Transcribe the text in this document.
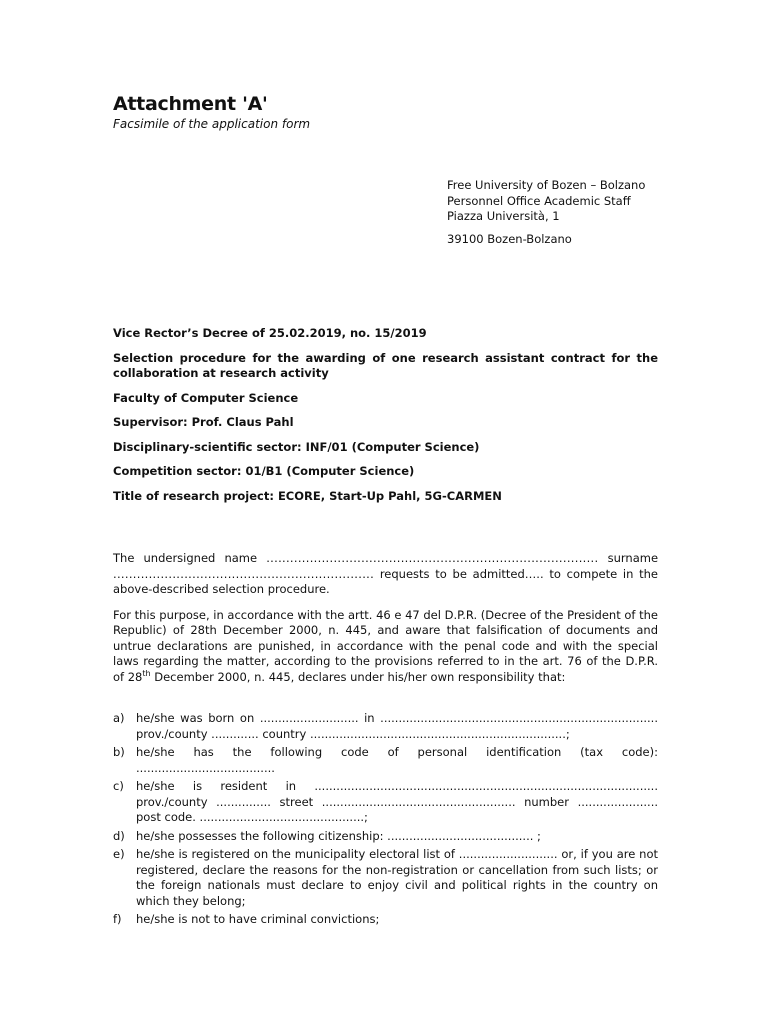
Attachment 'A'
Facsimile of the application form
Free University of Bozen – Bolzano
Personnel Office Academic Staff
Piazza Università, 1
39100 Bozen-Bolzano

Vice Rector’s Decree of 25.02.2019, no. 15/2019

Selection procedure for the awarding of one research assistant contract for the collaboration at research activity

Faculty of Computer Science

Supervisor: Prof. Claus Pahl

Disciplinary-scientific sector: INF/01 (Computer Science)

Competition sector: 01/B1 (Computer Science)

Title of research project: ECORE, Start-Up Pahl, 5G-CARMEN

The undersigned name .................................................................................... surname .................................................................. requests to be admitted….. to compete in the above-described selection procedure.

For this purpose, in accordance with the artt. 46 e 47 del D.P.R. (Decree of the President of the Republic) of 28th December 2000, n. 445, and aware that falsification of documents and untrue declarations are punished, in accordance with the penal code and with the special laws regarding the matter, according to the provisions referred to in the art. 76 of the D.P.R. of 28th December 2000, n. 445, declares under his/her own responsibility that:

a) he/she was born on ........................... in ............................................................................ prov./county ............. country ......................................................................;
b) he/she has the following code of personal identification (tax code): ......................................
c)	he/she is resident in .............................................................................................. prov./county ............... street ..................................................... number ...................... post code. .............................................;
d) he/she possesses the following citizenship: ........................................ ;
e) he/she is registered on the municipality electoral list of ........................... or, if you are not registered, declare the reasons for the non-registration or cancellation from such lists; or the foreign nationals must declare to enjoy civil and political rights in the country on which they belong;
f)	he/she is not to have criminal convictions;
